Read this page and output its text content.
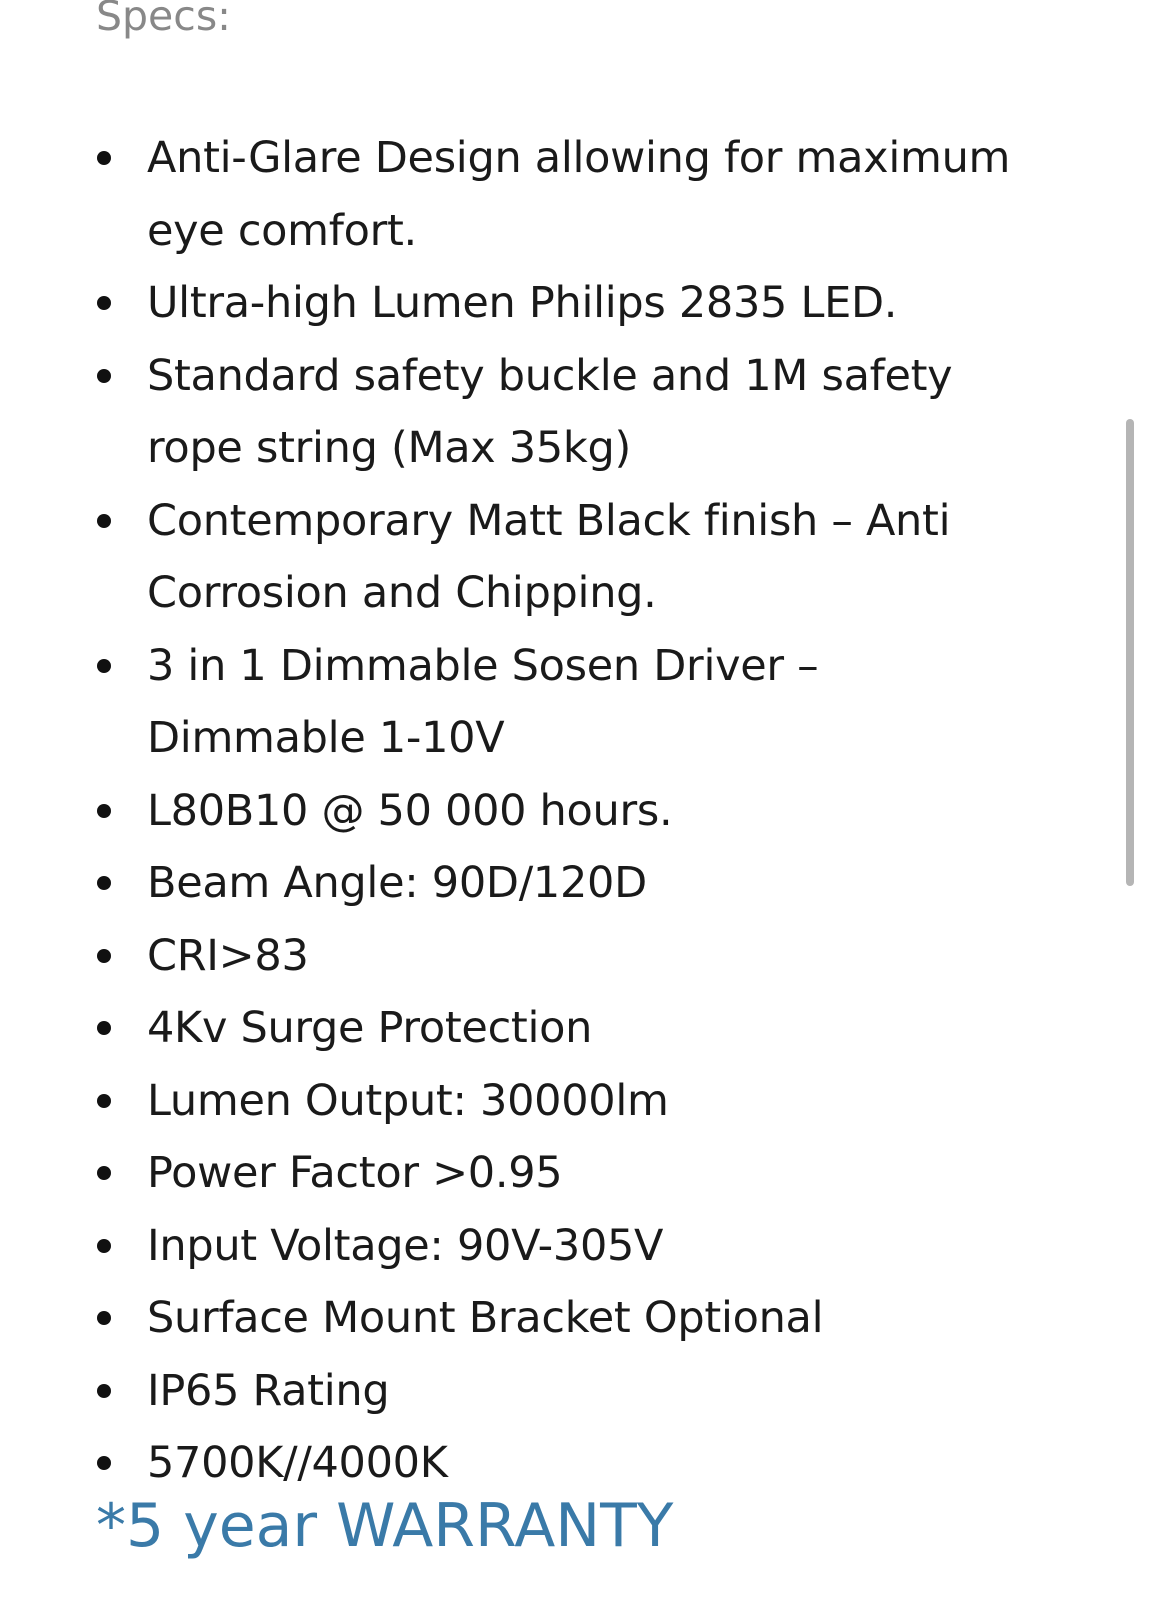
Specs:
Anti-Glare Design allowing for maximum eye comfort.
Ultra-high Lumen Philips 2835 LED.
Standard safety buckle and 1M safety rope string (Max 35kg)
Contemporary Matt Black finish – Anti Corrosion and Chipping.
3 in 1 Dimmable Sosen Driver – Dimmable 1-10V
L80B10 @ 50 000 hours.
Beam Angle: 90D/120D
CRI>83
4Kv Surge Protection
Lumen Output: 30000lm
Power Factor >0.95
Input Voltage: 90V-305V
Surface Mount Bracket Optional
IP65 Rating
5700K//4000K

*5 year WARRANTY
